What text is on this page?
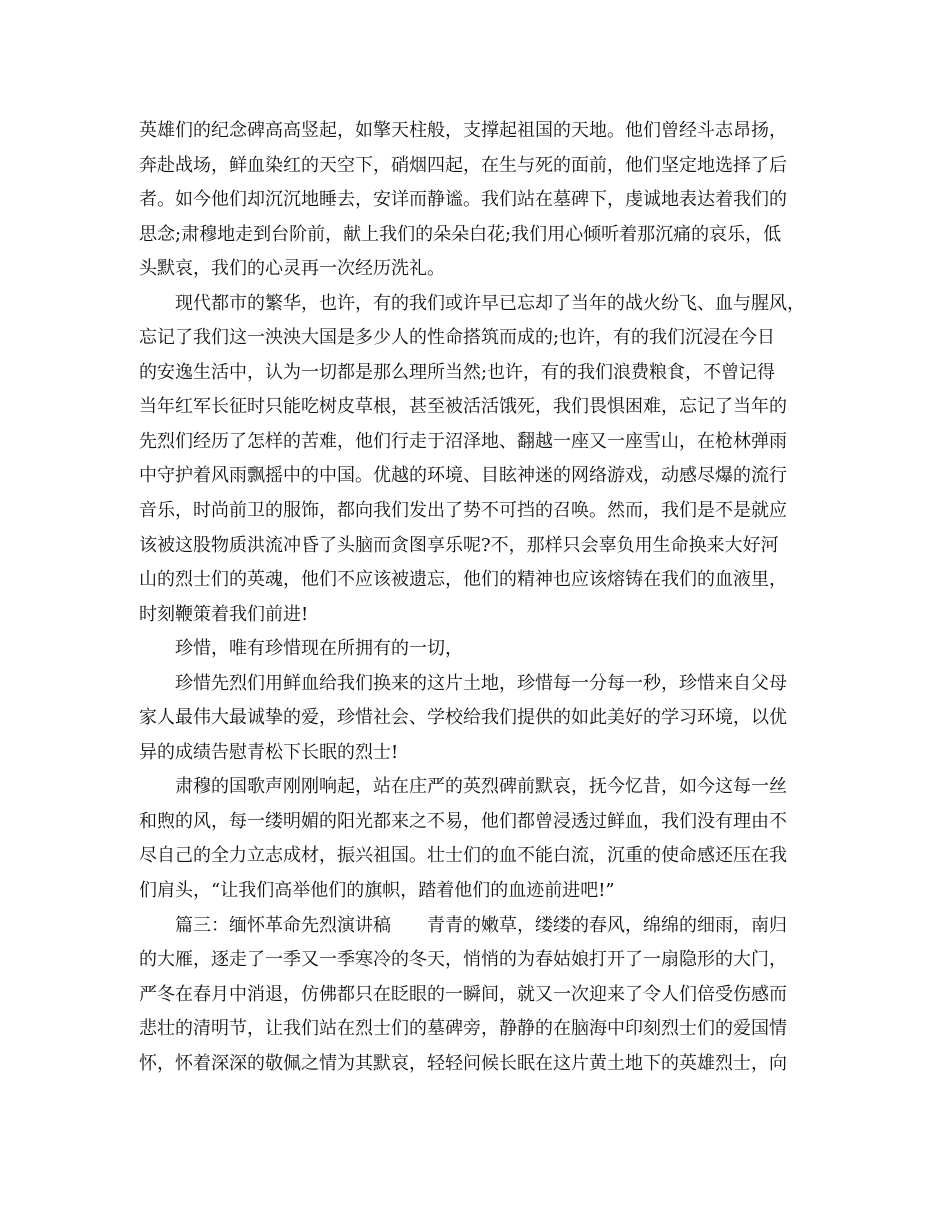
英雄们的纪念碑高高竖起，如擎天柱般，支撑起祖国的天地。他们曾经斗志昂扬，
奔赴战场，鲜血染红的天空下，硝烟四起，在生与死的面前，他们坚定地选择了后
者。如今他们却沉沉地睡去，安详而静谧。我们站在墓碑下，虔诚地表达着我们的
思念;肃穆地走到台阶前，献上我们的朵朵白花;我们用心倾听着那沉痛的哀乐，低
头默哀，我们的心灵再一次经历洗礼。
现代都市的繁华，也许，有的我们或许早已忘却了当年的战火纷飞、血与腥风，
忘记了我们这一泱泱大国是多少人的性命搭筑而成的;也许，有的我们沉浸在今日
的安逸生活中，认为一切都是那么理所当然;也许，有的我们浪费粮食，不曾记得
当年红军长征时只能吃树皮草根，甚至被活活饿死，我们畏惧困难，忘记了当年的
先烈们经历了怎样的苦难，他们行走于沼泽地、翻越一座又一座雪山，在枪林弹雨
中守护着风雨飘摇中的中国。优越的环境、目眩神迷的网络游戏，动感尽爆的流行
音乐，时尚前卫的服饰，都向我们发出了势不可挡的召唤。然而，我们是不是就应
该被这股物质洪流冲昏了头脑而贪图享乐呢?不，那样只会辜负用生命换来大好河
山的烈士们的英魂，他们不应该被遗忘，他们的精神也应该熔铸在我们的血液里，
时刻鞭策着我们前进!
珍惜，唯有珍惜现在所拥有的一切，
珍惜先烈们用鲜血给我们换来的这片土地，珍惜每一分每一秒，珍惜来自父母
家人最伟大最诚挚的爱，珍惜社会、学校给我们提供的如此美好的学习环境，以优
异的成绩告慰青松下长眠的烈士!
肃穆的国歌声刚刚响起，站在庄严的英烈碑前默哀，抚今忆昔，如今这每一丝
和煦的风，每一缕明媚的阳光都来之不易，他们都曾浸透过鲜血，我们没有理由不
尽自己的全力立志成材，振兴祖国。壮士们的血不能白流，沉重的使命感还压在我
们肩头，“让我们高举他们的旗帜，踏着他们的血迹前进吧!”
篇三：缅怀革命先烈演讲稿　　青青的嫩草，缕缕的春风，绵绵的细雨，南归
的大雁，逐走了一季又一季寒冷的冬天，悄悄的为春姑娘打开了一扇隐形的大门，
严冬在春月中消退，仿佛都只在眨眼的一瞬间，就又一次迎来了令人们倍受伤感而
悲壮的清明节，让我们站在烈士们的墓碑旁，静静的在脑海中印刻烈士们的爱国情
怀，怀着深深的敬佩之情为其默哀，轻轻问候长眠在这片黄土地下的英雄烈士，向
